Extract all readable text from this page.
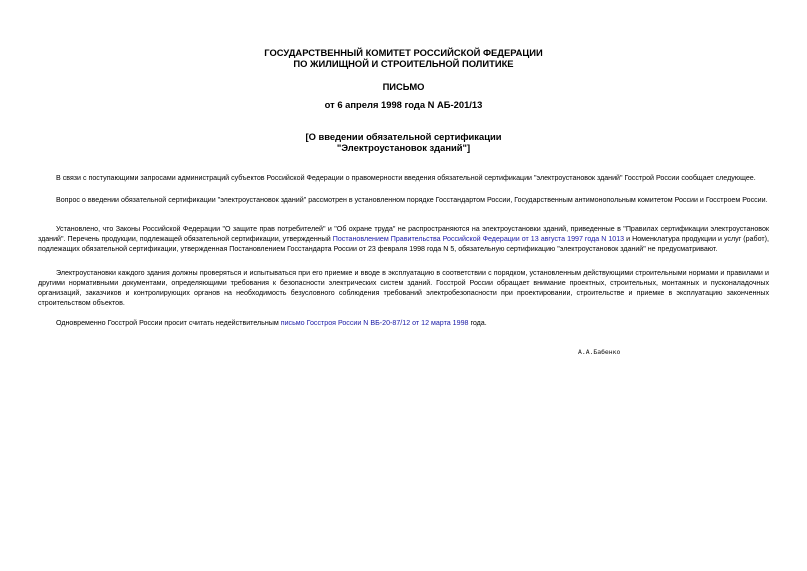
ГОСУДАРСТВЕННЫЙ КОМИТЕТ РОССИЙСКОЙ ФЕДЕРАЦИИ
ПО ЖИЛИЩНОЙ И СТРОИТЕЛЬНОЙ ПОЛИТИКЕ
ПИСЬМО
от 6 апреля 1998 года N АБ-201/13
[О введении обязательной сертификации
"Электроустановок зданий"]

В связи с поступающими запросами администраций субъектов Российской Федерации о правомерности введения обязательной сертификации "электроустановок зданий" Госстрой России сообщает следующее.

Вопрос о введении обязательной сертификации "электроустановок зданий" рассмотрен в установленном порядке Госстандартом России, Государственным антимонопольным комитетом России и Госстроем России.

Установлено, что Законы Российской Федерации "О защите прав потребителей" и "Об охране труда" не распространяются на электроустановки зданий, приведенные в "Правилах сертификации электроустановок зданий". Перечень продукции, подлежащей обязательной сертификации, утвержденный Постановлением Правительства Российской Федерации от 13 августа 1997 года N 1013 и Номенклатура продукции и услуг (работ), подлежащих обязательной сертификации, утвержденная Постановлением Госстандарта России от 23 февраля 1998 года N 5, обязательную сертификацию "электроустановок зданий" не предусматривают.

Электроустановки каждого здания должны проверяться и испытываться при его приемке и вводе в эксплуатацию в соответствии с порядком, установленным действующими строительными нормами и правилами и другими нормативными документами, определяющими требования к безопасности электрических систем зданий. Госстрой России обращает внимание проектных, строительных, монтажных и пусконаладочных организаций, заказчиков и контролирующих органов на необходимость безусловного соблюдения требований электробезопасности при проектировании, строительстве и приемке в эксплуатацию законченных строительством объектов.

Одновременно Госстрой России просит считать недействительным письмо Госстроя России N ВБ-20-87/12 от 12 марта 1998 года.

А.А.Бабенко
